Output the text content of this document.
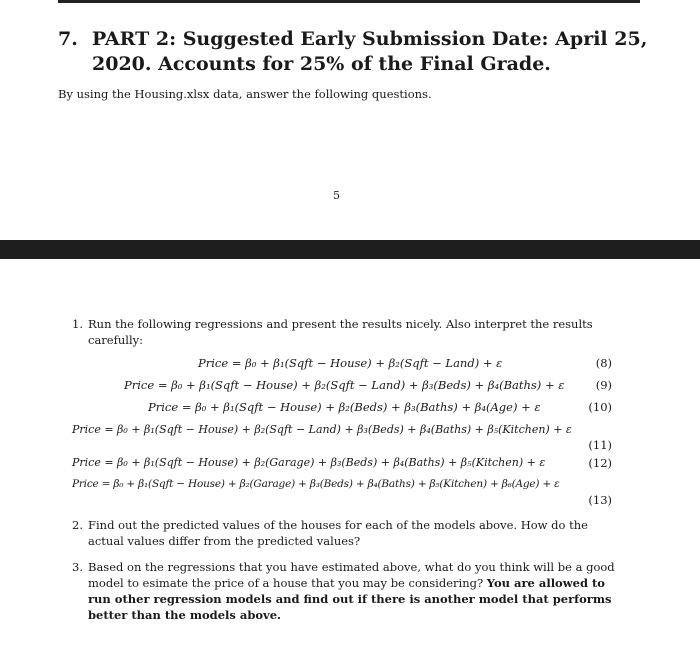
7. PART 2: Suggested Early Submission Date: April 25,
2020. Accounts for 25% of the Final Grade.
By using the Housing.xlsx data, answer the following questions.
5
1. Run the following regressions and present the results nicely. Also interpret the results carefully:
Price = β₀ + β₁(Sqft − House) + β₂(Sqft − Land) + ε	(8)
Price = β₀ + β₁(Sqft − House) + β₂(Sqft − Land) + β₃(Beds) + β₄(Baths) + ε	(9)
Price = β₀ + β₁(Sqft − House) + β₂(Beds) + β₃(Baths) + β₄(Age) + ε	(10)
Price = β₀ + β₁(Sqft − House) + β₂(Sqft − Land) + β₃(Beds) + β₄(Baths) + β₅(Kitchen) + ε
(11)
Price = β₀ + β₁(Sqft − House) + β₂(Garage) + β₃(Beds) + β₄(Baths) + β₅(Kitchen) + ε	(12)
Price = β₀ + β₁(Sqft − House) + β₂(Garage) + β₃(Beds) + β₄(Baths) + β₅(Kitchen) + β₆(Age) + ε
(13)
2. Find out the predicted values of the houses for each of the models above. How do the actual values differ from the predicted values?
3. Based on the regressions that you have estimated above, what do you think will be a good model to esimate the price of a house that you may be considering? You are allowed to run other regression models and find out if there is another model that performs better than the models above.
